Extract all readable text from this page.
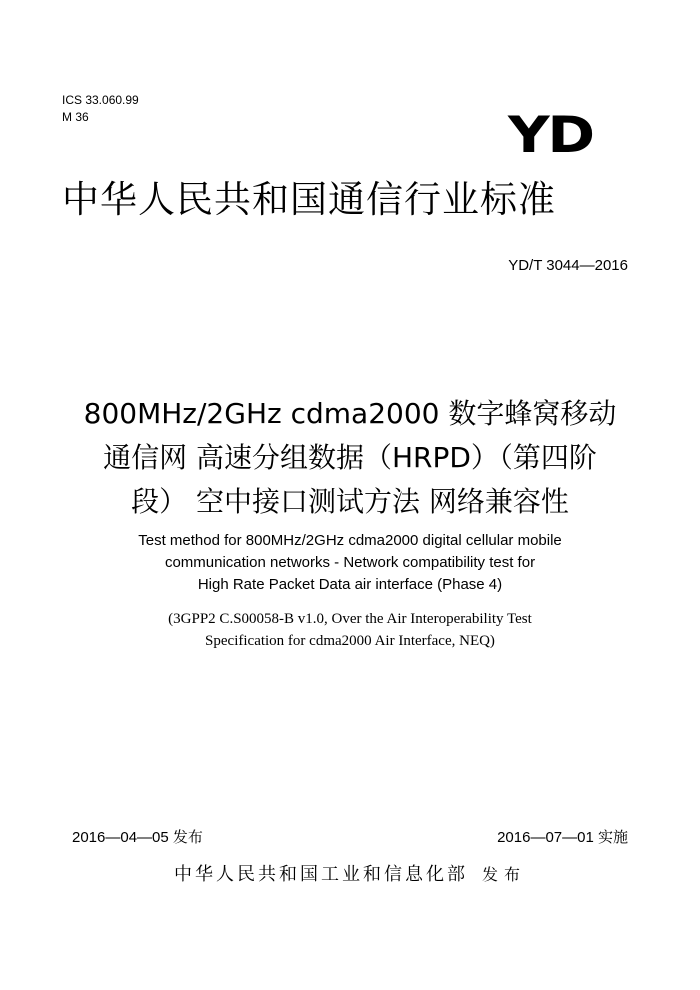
ICS 33.060.99
M 36	YD
中华人民共和国通信行业标准
YD/T 3044—2016
800MHz/2GHz cdma2000 数字蜂窝移动
通信网 高速分组数据（HRPD）（第四阶
段） 空中接口测试方法 网络兼容性
Test method for 800MHz/2GHz cdma2000 digital cellular mobile
communication networks - Network compatibility test for
High Rate Packet Data air interface (Phase 4)
(3GPP2 C.S00058-B v1.0, Over the Air Interoperability Test
Specification for cdma2000 Air Interface, NEQ)
2016—04—05 发布	2016—07—01 实施
中华人民共和国工业和信息化部 发布
